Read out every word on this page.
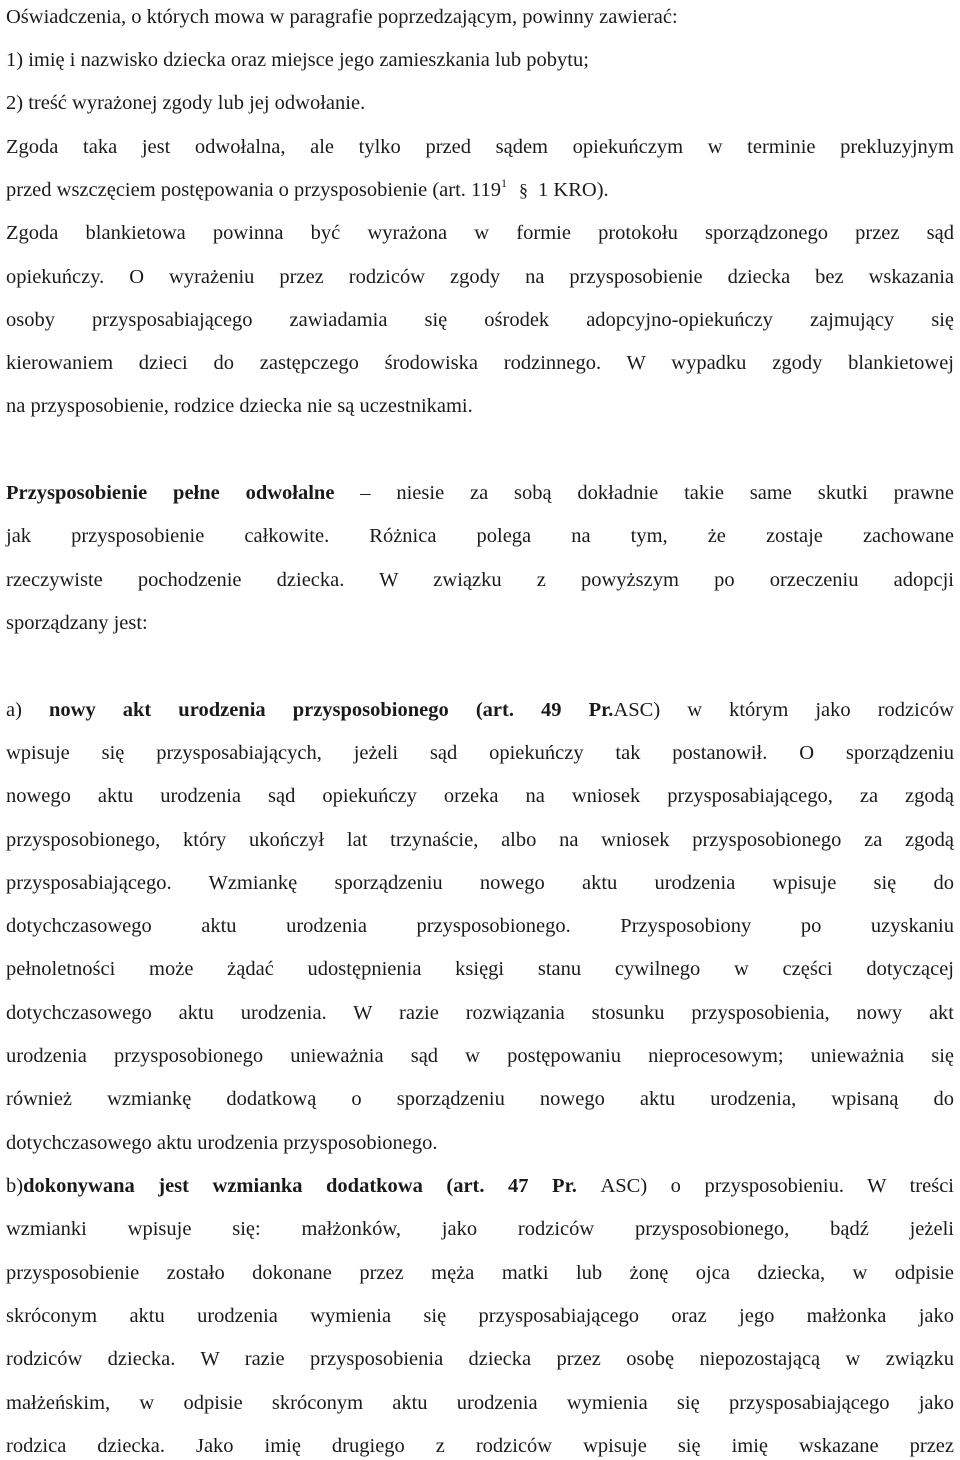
Oświadczenia, o których mowa w paragrafie poprzedzającym, powinny zawierać:
1) imię i nazwisko dziecka oraz miejsce jego zamieszkania lub pobytu;
2) treść wyrażonej zgody lub jej odwołanie.
Zgoda taka jest odwołalna, ale tylko przed sądem opiekuńczym w terminie prekluzyjnym
przed wszczęciem postępowania o przysposobienie (art. $119^1$ § 1 KRO).
Zgoda blankietowa powinna być wyrażona w formie protokołu sporządzonego przez sąd
opiekuńczy. O wyrażeniu przez rodziców zgody na przysposobienie dziecka bez wskazania
osoby przysposabiającego zawiadamia się ośrodek adopcyjno-opiekuńczy zajmujący się
kierowaniem dzieci do zastępczego środowiska rodzinnego. W wypadku zgody blankietowej
na przysposobienie, rodzice dziecka nie są uczestnikami.
Przysposobienie pełne odwołalne – niesie za sobą dokładnie takie same skutki prawne
jak przysposobienie całkowite. Różnica polega na tym, że zostaje zachowane
rzeczywiste pochodzenie dziecka. W związku z powyższym po orzeczeniu adopcji
sporządzany jest:
a) nowy akt urodzenia przysposobionego (art. 49 Pr.ASC) w którym jako rodziców
wpisuje się przysposabiających, jeżeli sąd opiekuńczy tak postanowił. O sporządzeniu
nowego aktu urodzenia sąd opiekuńczy orzeka na wniosek przysposabiającego, za zgodą
przysposobionego, który ukończył lat trzynaście, albo na wniosek przysposobionego za zgodą
przysposabiającego. Wzmiankę sporządzeniu nowego aktu urodzenia wpisuje się do
dotychczasowego aktu urodzenia przysposobionego. Przysposobiony po uzyskaniu
pełnoletności może żądać udostępnienia księgi stanu cywilnego w części dotyczącej
dotychczasowego aktu urodzenia. W razie rozwiązania stosunku przysposobienia, nowy akt
urodzenia przysposobionego unieważnia sąd w postępowaniu nieprocesowym; unieważnia się
również wzmiankę dodatkową o sporządzeniu nowego aktu urodzenia, wpisaną do
dotychczasowego aktu urodzenia przysposobionego.
b)dokonywana jest wzmianka dodatkowa (art. 47 Pr. ASC) o przysposobieniu. W treści
wzmianki wpisuje się: małżonków, jako rodziców przysposobionego, bądź jeżeli
przysposobienie zostało dokonane przez męża matki lub żonę ojca dziecka, w odpisie
skróconym aktu urodzenia wymienia się przysposabiającego oraz jego małżonka jako
rodziców dziecka. W razie przysposobienia dziecka przez osobę niepozostającą w związku
małżeńskim, w odpisie skróconym aktu urodzenia wymienia się przysposabiającego jako
rodzica dziecka. Jako imię drugiego z rodziców wpisuje się imię wskazane przez
